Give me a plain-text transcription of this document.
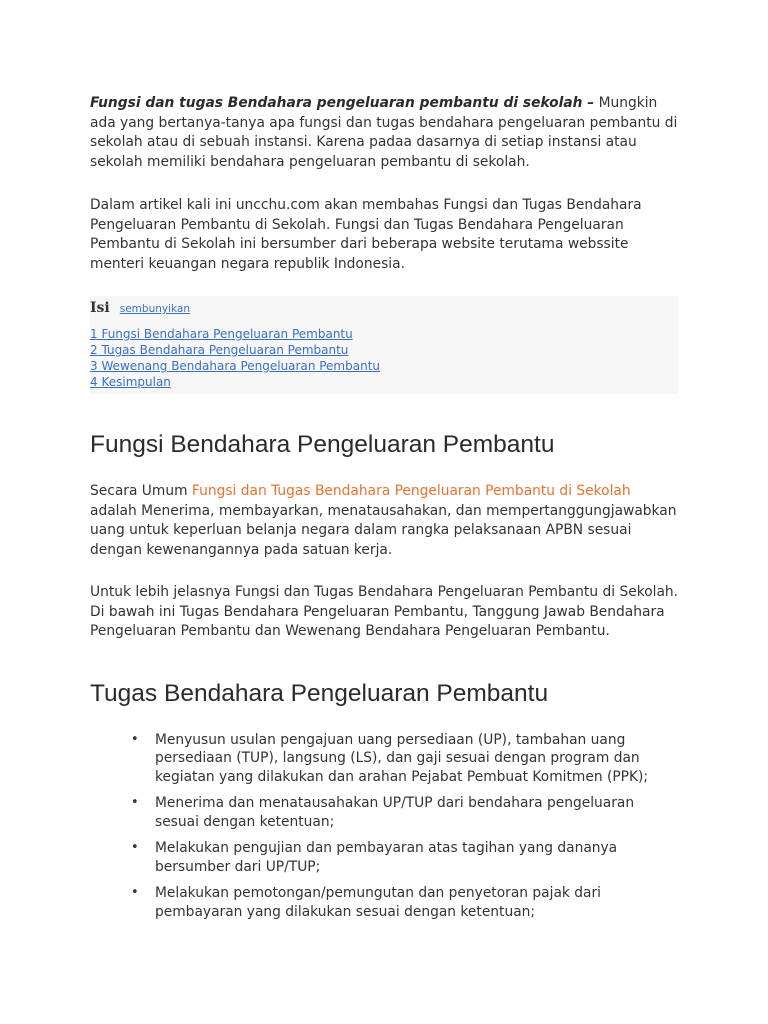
Fungsi dan tugas Bendahara pengeluaran pembantu di sekolah – Mungkin ada yang bertanya-tanya apa fungsi dan tugas bendahara pengeluaran pembantu di sekolah atau di sebuah instansi. Karena padaa dasarnya di setiap instansi atau sekolah memiliki bendahara pengeluaran pembantu di sekolah.

Dalam artikel kali ini uncchu.com akan membahas Fungsi dan Tugas Bendahara Pengeluaran Pembantu di Sekolah. Fungsi dan Tugas Bendahara Pengeluaran Pembantu di Sekolah ini bersumber dari beberapa website terutama webssite menteri keuangan negara republik Indonesia.

Isi sembunyikan
1 Fungsi Bendahara Pengeluaran Pembantu
2 Tugas Bendahara Pengeluaran Pembantu
3 Wewenang Bendahara Pengeluaran Pembantu
4 Kesimpulan
Fungsi Bendahara Pengeluaran Pembantu

Secara Umum Fungsi dan Tugas Bendahara Pengeluaran Pembantu di Sekolah adalah Menerima, membayarkan, menatausahakan, dan mempertanggungjawabkan uang untuk keperluan belanja negara dalam rangka pelaksanaan APBN sesuai dengan kewenangannya pada satuan kerja.

Untuk lebih jelasnya Fungsi dan Tugas Bendahara Pengeluaran Pembantu di Sekolah. Di bawah ini Tugas Bendahara Pengeluaran Pembantu, Tanggung Jawab Bendahara Pengeluaran Pembantu dan Wewenang Bendahara Pengeluaran Pembantu.

Tugas Bendahara Pengeluaran Pembantu
• Menyusun usulan pengajuan uang persediaan (UP), tambahan uang persediaan (TUP), langsung (LS), dan gaji sesuai dengan program dan kegiatan yang dilakukan dan arahan Pejabat Pembuat Komitmen (PPK);
• Menerima dan menatausahakan UP/TUP dari bendahara pengeluaran sesuai dengan ketentuan;
• Melakukan pengujian dan pembayaran atas tagihan yang dananya bersumber dari UP/TUP;
• Melakukan pemotongan/pemungutan dan penyetoran pajak dari pembayaran yang dilakukan sesuai dengan ketentuan;
